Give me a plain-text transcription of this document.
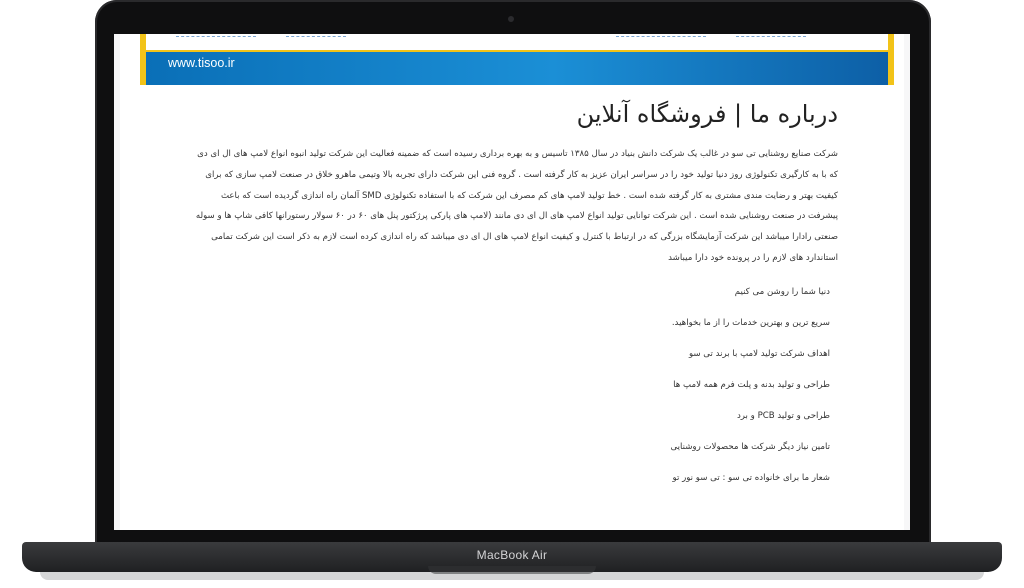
www.tisoo.ir
درباره ما | فروشگاه آنلاین

شرکت صنایع روشنایی تی سو در غالب یک شرکت دانش بنیاد در سال ۱۳۸۵ تاسیس و به بهره برداری رسیده است که ضمینه فعالیت این شرکت تولید انبوه انواع لامپ های ال ای دی که با به کارگیری تکنولوژی روز دنیا تولید خود را در سراسر ایران عزیز به کار گرفته است . گروه فنی این شرکت دارای تجربه بالا وتیمی ماهرو خلاق در صنعت لامپ سازی که برای کیفیت بهتر و رضایت مندی مشتری به کار گرفته شده است . خط تولید لامپ های کم مصرف این شرکت که با استفاده تکنولوژی SMD آلمان راه اندازی گردیده است که باعث پیشرفت در صنعت روشنایی شده است . این شرکت توانایی تولید انواع لامپ های ال ای دی مانند (لامپ های پارکی پرژکتور پنل های ۶۰ در ۶۰ سولار رستورانها کافی شاپ ها و سوله صنعتی رادارا میباشد این شرکت آزمایشگاه بزرگی که در ارتباط با کنترل و کیفیت انواع لامپ های ال ای دی میباشد که راه اندازی کرده است لازم به ذکر است این شرکت تمامی استاندارد های لازم را در پرونده خود دارا میباشد

دنیا شما را روشن می کنیم
سریع ترین و بهترین خدمات را از ما بخواهید.
اهداف شرکت تولید لامپ با برند تی سو
طراحی و تولید بدنه و پلت فرم همه لامپ ها
طراحی و تولید PCB و برد
تامین نیاز دیگر شرکت ها محصولات روشنایی
شعار ما برای خانواده تی سو : تی سو نور تو
MacBook Air
